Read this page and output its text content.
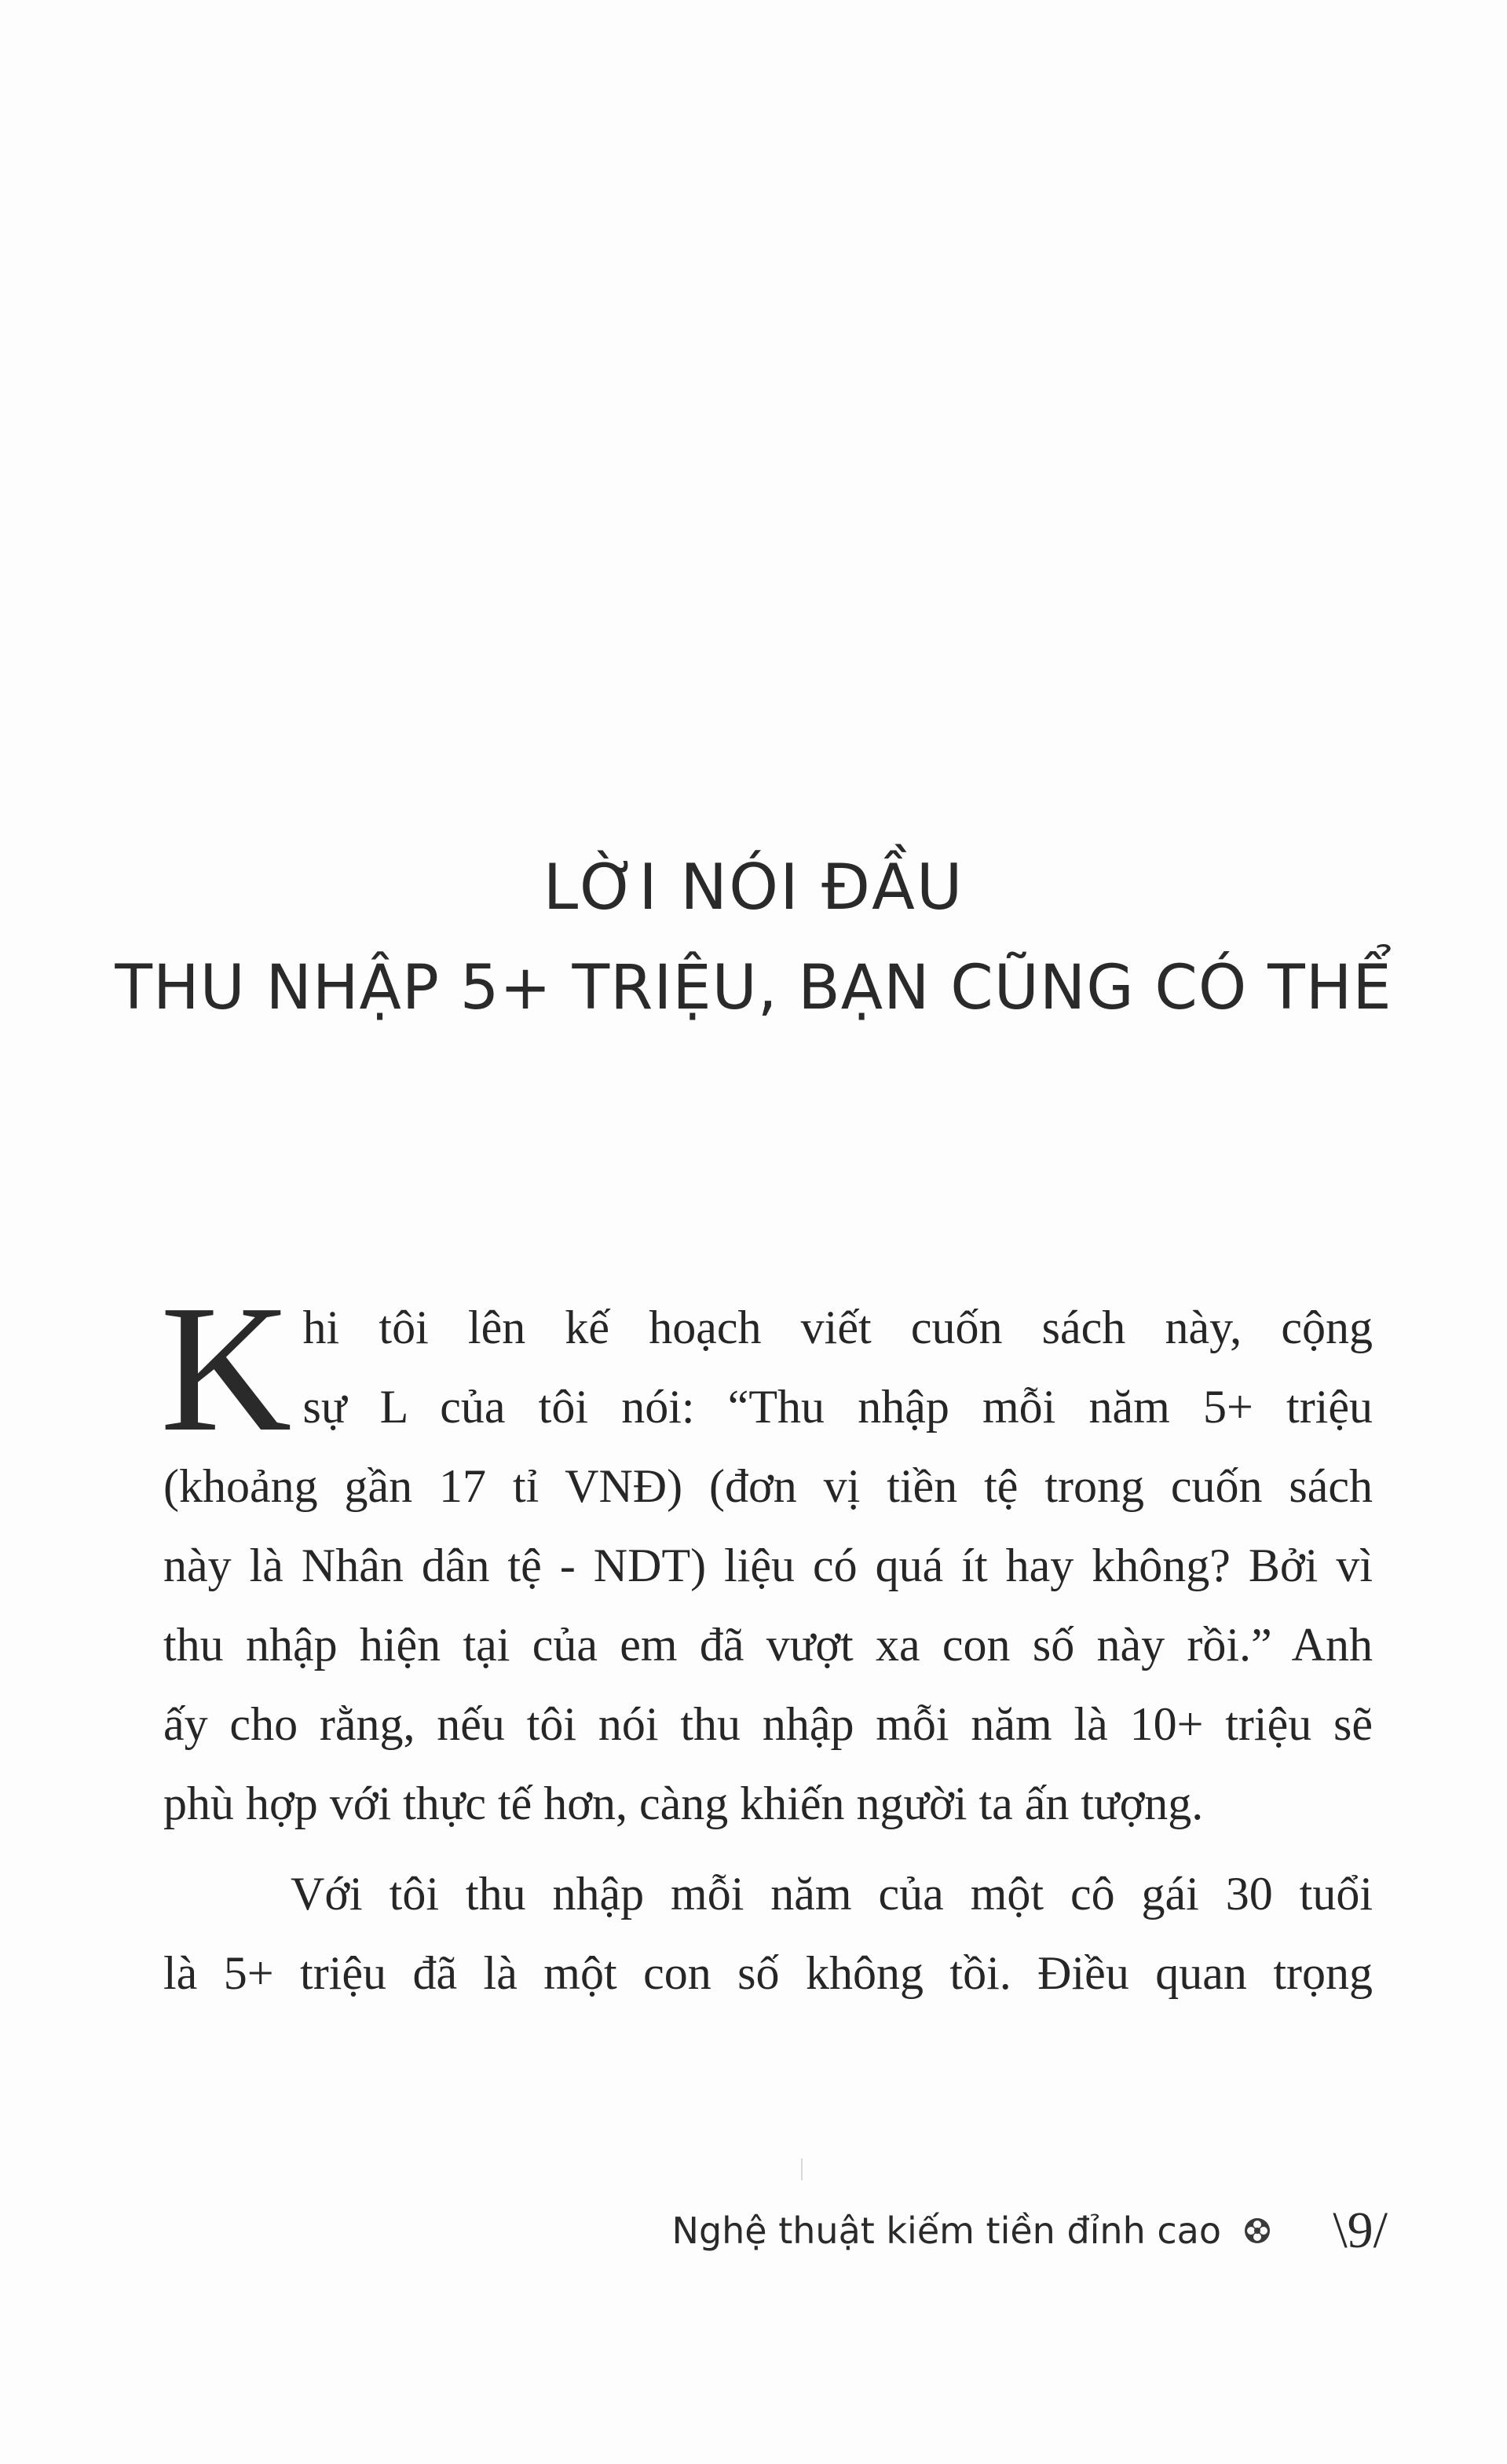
LỜI NÓI ĐẦU
THU NHẬP 5+ TRIỆU, BẠN CŨNG CÓ THỂ
K hi tôi lên kế hoạch viết cuốn sách này, cộng
sự L của tôi nói: “Thu nhập mỗi năm 5+ triệu
(khoảng gần 17 tỉ VNĐ) (đơn vị tiền tệ trong cuốn sách
này là Nhân dân tệ - NDT) liệu có quá ít hay không? Bởi vì
thu nhập hiện tại của em đã vượt xa con số này rồi.” Anh
ấy cho rằng, nếu tôi nói thu nhập mỗi năm là 10+ triệu sẽ
phù hợp với thực tế hơn, càng khiến người ta ấn tượng.
Với tôi thu nhập mỗi năm của một cô gái 30 tuổi
là 5+ triệu đã là một con số không tồi. Điều quan trọng
Nghệ thuật kiếm tiền đỉnh cao \9/
